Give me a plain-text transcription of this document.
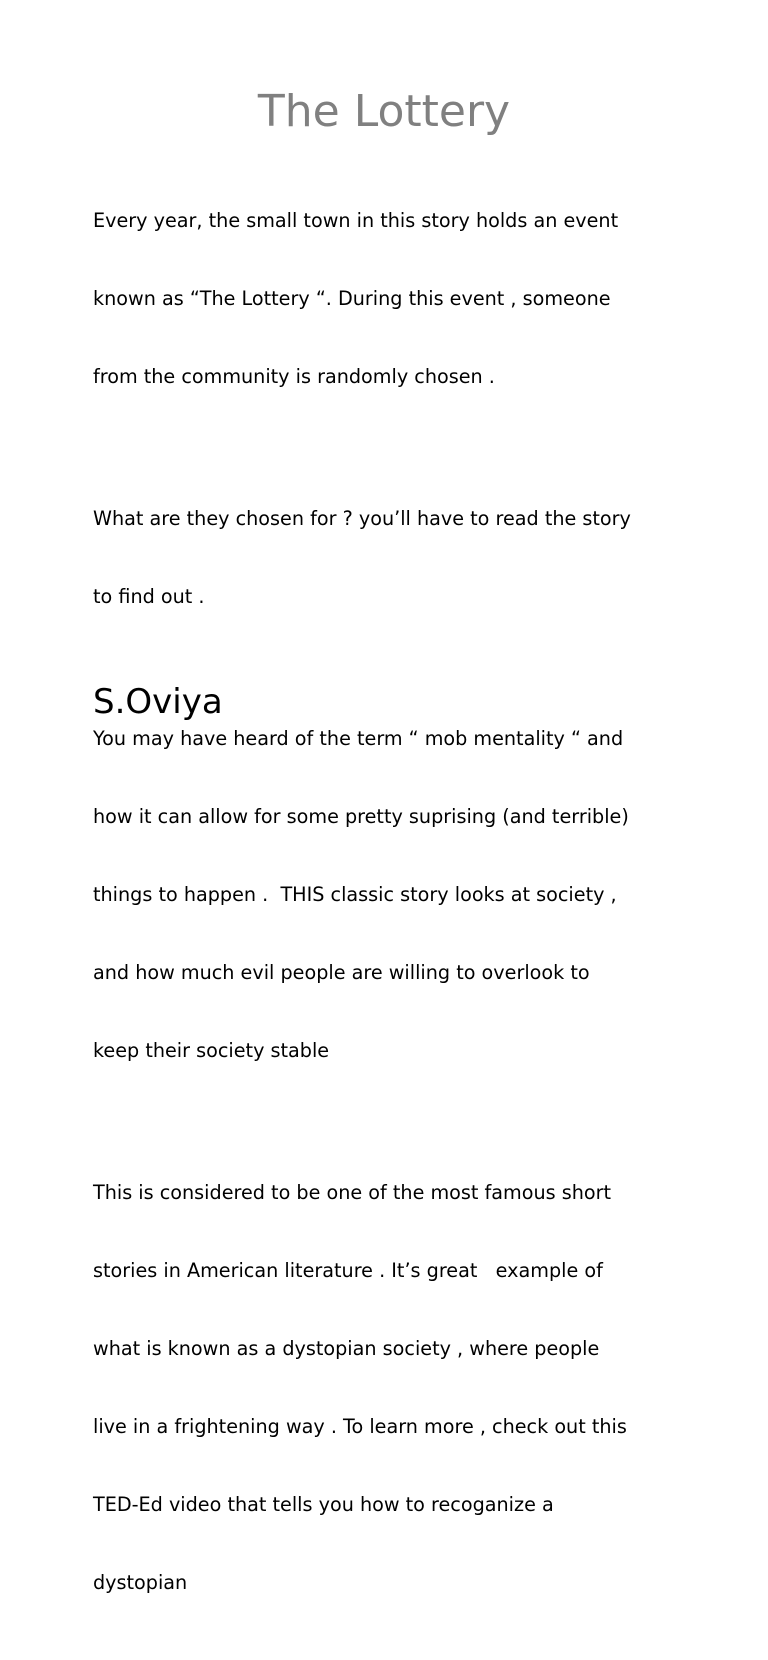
The Lottery

Every year, the small town in this story holds an event

known as “The Lottery “. During this event , someone

from the community is randomly chosen .

What are they chosen for ? you’ll have to read the story

to find out .

You may have heard of the term “ mob mentality “ and

how it can allow for some pretty suprising (and terrible)

things to happen .  THIS classic story looks at society ,

and how much evil people are willing to overlook to

keep their society stable

This is considered to be one of the most famous short

stories in American literature . It’s great   example of

what is known as a dystopian society , where people

live in a frightening way . To learn more , check out this

TED-Ed video that tells you how to recoganize a

dystopian

S.Oviya
